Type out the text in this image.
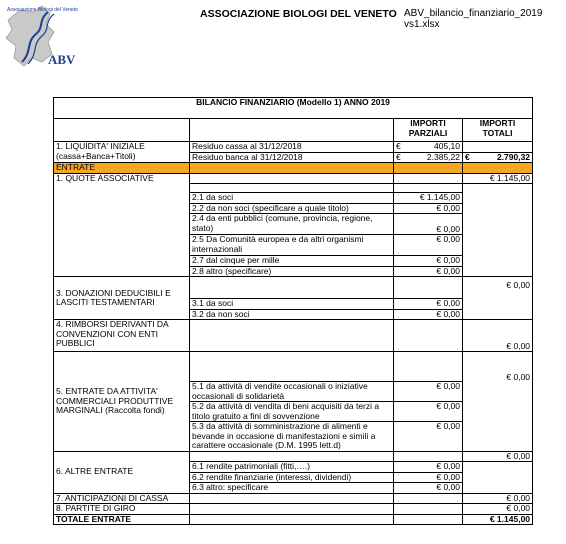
Associazione Biologi del Veneto
ABV
ASSOCIAZIONE BIOLOGI DEL VENETO ABV_bilancio_finanziario_2019 vs1.xlsx
BILANCIO FINANZIARIO (Modello 1) ANNO 2019			
		IMPORTI PARZIALI	IMPORTI TOTALI
1. LIQUIDITA' INIZIALE (cassa+Banca+Titoli)	Residuo cassa al 31/12/2018	€ 405,10	

	Residuo banca al 31/12/2018	€ 2.385,22	€ 2.790,32

ENTRATE			
1. QUOTE ASSOCIATIVE			€ 1.145,00

	2.1 da soci	€ 1.145,00	
	2.2 da non soci (specificare a quale titolo)	€ 0,00	
	2.4 da enti pubblici (comune, provincia, regione, stato)	€ 0,00	
	2.5 Da Comunità europea e da altri organismi internazionali	€ 0,00	
	2.7 dal cinque per mille	€ 0,00	
	2.8 altro (specificare)	€ 0,00	
3. DONAZIONI DEDUCIBILI E LASCITI TESTAMENTARI			€ 0,00
	3.1 da soci	€ 0,00	
	3.2 da non soci	€ 0,00	
4. RIMBORSI DERIVANTI DA CONVENZIONI CON ENTI PUBBLICI			€ 0,00
5. ENTRATE DA ATTIVITA' COMMERCIALI PRODUTTIVE MARGINALI (Raccolta fondi)			€ 0,00
	5.1 da attività di vendite occasionali o iniziative occasionali di solidarietà	€ 0,00	
	5.2 da attività di vendita di beni acquisiti da terzi a titolo gratuito a fini di sovvenzione	€ 0,00	
	5.3 da attività di somministrazione di alimenti e bevande in occasione di manifestazioni e simili a carattere occasionale (D.M. 1995 lett.d)	€ 0,00	
6. ALTRE ENTRATE			€ 0,00
	6.1 rendite patrimoniali (fitti,….)	€ 0,00	
	6.2 rendite finanziarie (interessi, dividendi)	€ 0,00	
	6.3 altro: specificare	€ 0,00	
7. ANTICIPAZIONI DI CASSA			€ 0,00
8. PARTITE DI GIRO			€ 0,00
TOTALE ENTRATE			€ 1.145,00
